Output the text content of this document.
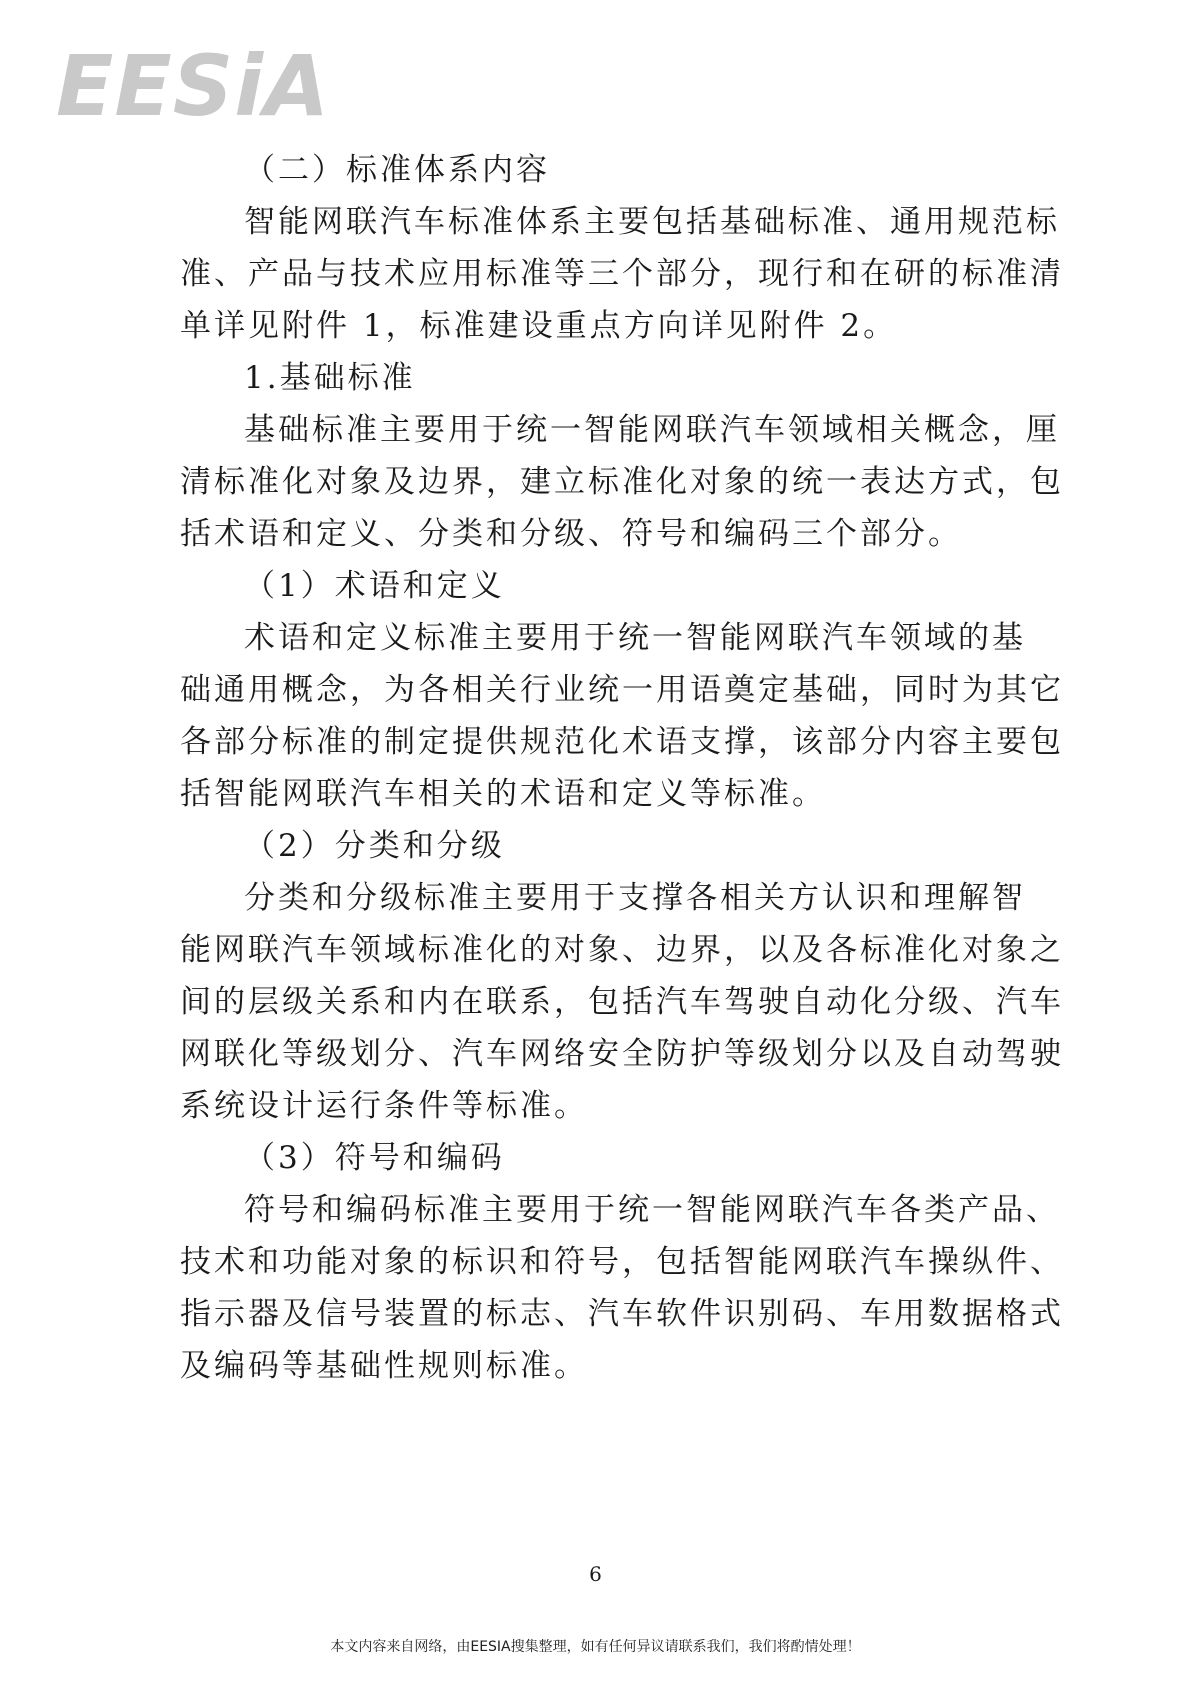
EESiA
（二）标准体系内容
智能网联汽车标准体系主要包括基础标准、通用规范标
准、产品与技术应用标准等三个部分，现行和在研的标准清
单详见附件 1，标准建设重点方向详见附件 2。
1.基础标准
基础标准主要用于统一智能网联汽车领域相关概念，厘
清标准化对象及边界，建立标准化对象的统一表达方式，包
括术语和定义、分类和分级、符号和编码三个部分。
（1）术语和定义
术语和定义标准主要用于统一智能网联汽车领域的基
础通用概念，为各相关行业统一用语奠定基础，同时为其它
各部分标准的制定提供规范化术语支撑，该部分内容主要包
括智能网联汽车相关的术语和定义等标准。
（2）分类和分级
分类和分级标准主要用于支撑各相关方认识和理解智
能网联汽车领域标准化的对象、边界，以及各标准化对象之
间的层级关系和内在联系，包括汽车驾驶自动化分级、汽车
网联化等级划分、汽车网络安全防护等级划分以及自动驾驶
系统设计运行条件等标准。
（3）符号和编码
符号和编码标准主要用于统一智能网联汽车各类产品、
技术和功能对象的标识和符号，包括智能网联汽车操纵件、
指示器及信号装置的标志、汽车软件识别码、车用数据格式
及编码等基础性规则标准。
6
本文内容来自网络，由EESIA搜集整理，如有任何异议请联系我们，我们将酌情处理！
